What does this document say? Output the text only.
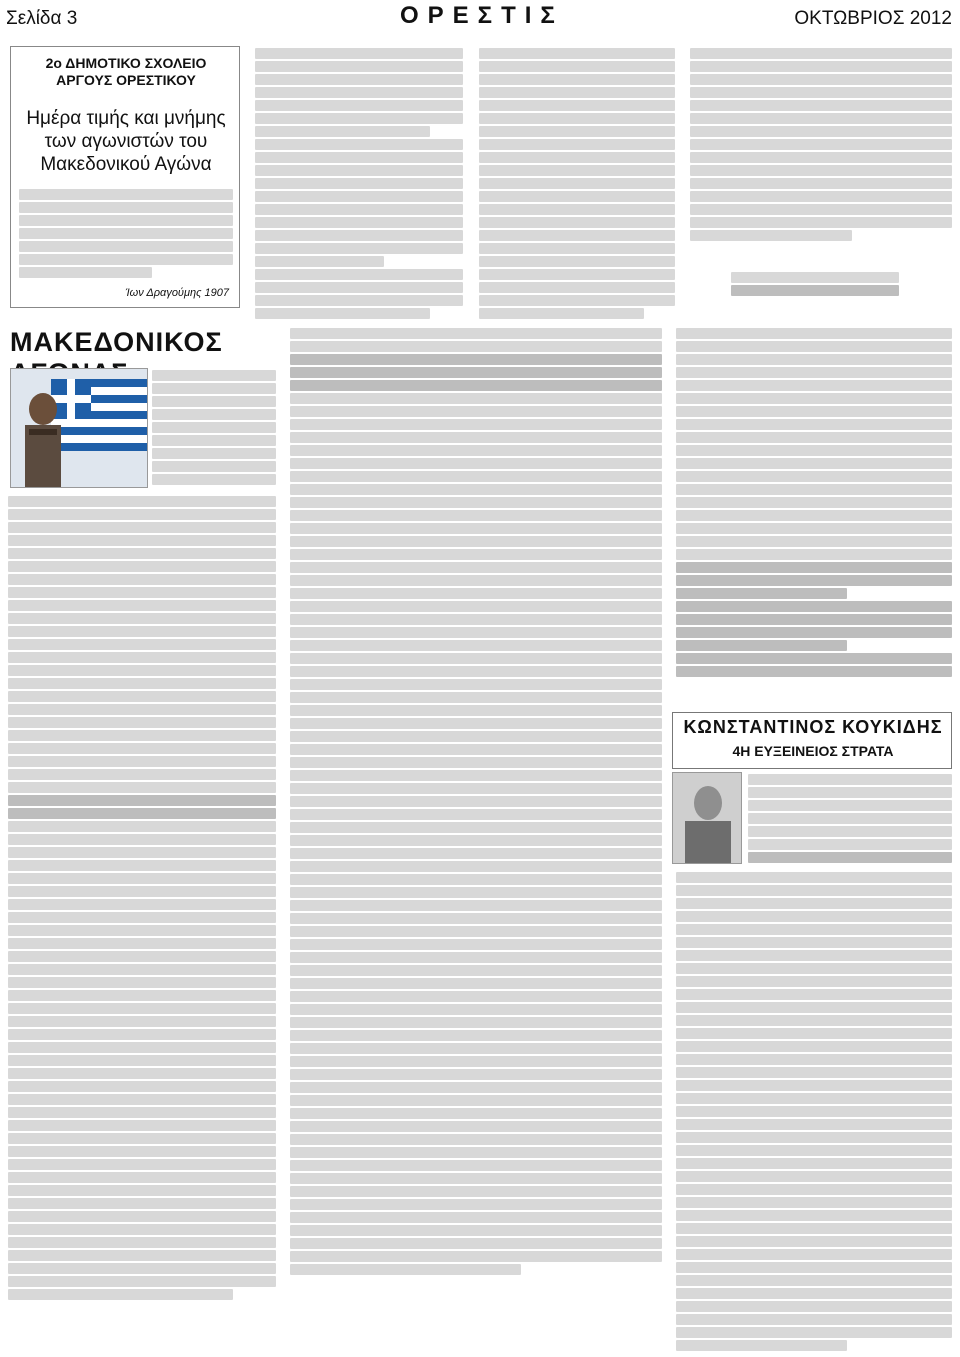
Σελίδα 3	ΟΡΕΣΤΙΣ	ΟΚΤΩΒΡΙΟΣ 2012
2ο ΔΗΜΟΤΙΚΟ ΣΧΟΛΕΙΟ ΑΡΓΟΥΣ ΟΡΕΣΤΙΚΟΥ
Ημέρα τιμής και μνήμης των αγωνιστών του Μακεδονικού Αγώνα
Ίων Δραγούμης 1907
ΜΑΚΕΔΟΝΙΚΟΣ
ΚΩΝΣΤΑΝΤΙΝΟΣ ΚΟΥΚΙΔΗΣ
4Η ΕΥΞΕΙΝΕΙΟΣ ΣΤΡΑΤΑ
